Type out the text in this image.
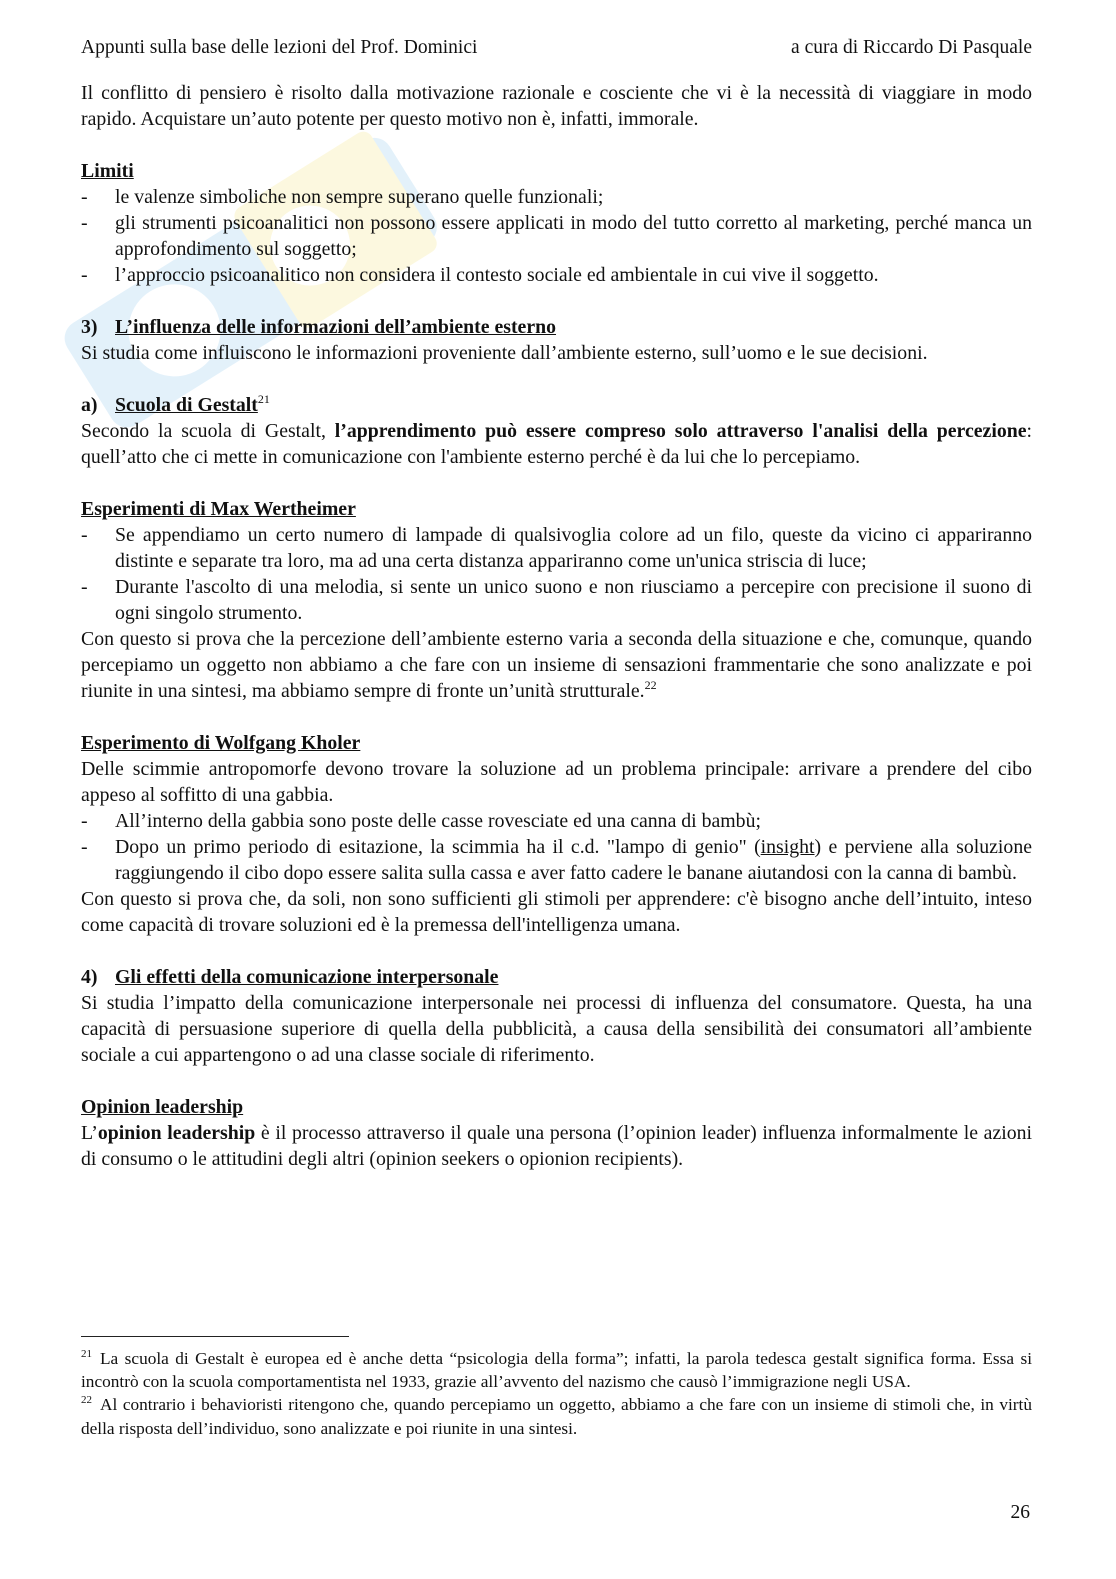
Appunti sulla base delle lezioni del Prof. Dominici	a cura di Riccardo Di Pasquale

Il conflitto di pensiero è risolto dalla motivazione razionale e cosciente che vi è la necessità di viaggiare in modo rapido. Acquistare un’auto potente per questo motivo non è, infatti, immorale.

Limiti

- le valenze simboliche non sempre superano quelle funzionali;
- gli strumenti psicoanalitici non possono essere applicati in modo del tutto corretto al marketing, perché manca un approfondimento sul soggetto;
- l’approccio psicoanalitico non considera il contesto sociale ed ambientale in cui vive il soggetto.

3) L’influenza delle informazioni dell’ambiente esterno

Si studia come influiscono le informazioni proveniente dall’ambiente esterno, sull’uomo e le sue decisioni.

a) Scuola di Gestalt$^{21}$

Secondo la scuola di Gestalt, l’apprendimento può essere compreso solo attraverso l'analisi della percezione: quell’atto che ci mette in comunicazione con l'ambiente esterno perché è da lui che lo percepiamo.

Esperimenti di Max Wertheimer

- Se appendiamo un certo numero di lampade di qualsivoglia colore ad un filo, queste da vicino ci appariranno distinte e separate tra loro, ma ad una certa distanza appariranno come un'unica striscia di luce;
- Durante l'ascolto di una melodia, si sente un unico suono e non riusciamo a percepire con precisione il suono di ogni singolo strumento.

Con questo si prova che la percezione dell’ambiente esterno varia a seconda della situazione e che, comunque, quando percepiamo un oggetto non abbiamo a che fare con un insieme di sensazioni frammentarie che sono analizzate e poi riunite in una sintesi, ma abbiamo sempre di fronte un’unità strutturale.$^{22}$

Esperimento di Wolfgang Kholer

Delle scimmie antropomorfe devono trovare la soluzione ad un problema principale: arrivare a prendere del cibo appeso al soffitto di una gabbia.

- All’interno della gabbia sono poste delle casse rovesciate ed una canna di bambù;
- Dopo un primo periodo di esitazione, la scimmia ha il c.d. "lampo di genio" (insight) e perviene alla soluzione raggiungendo il cibo dopo essere salita sulla cassa e aver fatto cadere le banane aiutandosi con la canna di bambù.

Con questo si prova che, da soli, non sono sufficienti gli stimoli per apprendere: c'è bisogno anche dell’intuito, inteso come capacità di trovare soluzioni ed è la premessa dell'intelligenza umana.

4) Gli effetti della comunicazione interpersonale

Si studia l’impatto della comunicazione interpersonale nei processi di influenza del consumatore. Questa, ha una capacità di persuasione superiore di quella della pubblicità, a causa della sensibilità dei consumatori all’ambiente sociale a cui appartengono o ad una classe sociale di riferimento.

Opinion leadership

L’opinion leadership è il processo attraverso il quale una persona (l’opinion leader) influenza informalmente le azioni di consumo o le attitudini degli altri (opinion seekers o opionion recipients).

$^{21}$ La scuola di Gestalt è europea ed è anche detta “psicologia della forma”; infatti, la parola tedesca gestalt significa forma. Essa si incontrò con la scuola comportamentista nel 1933, grazie all’avvento del nazismo che causò l’immigrazione negli USA.

$^{22}$ Al contrario i behavioristi ritengono che, quando percepiamo un oggetto, abbiamo a che fare con un insieme di stimoli che, in virtù della risposta dell’individuo, sono analizzate e poi riunite in una sintesi.

26
